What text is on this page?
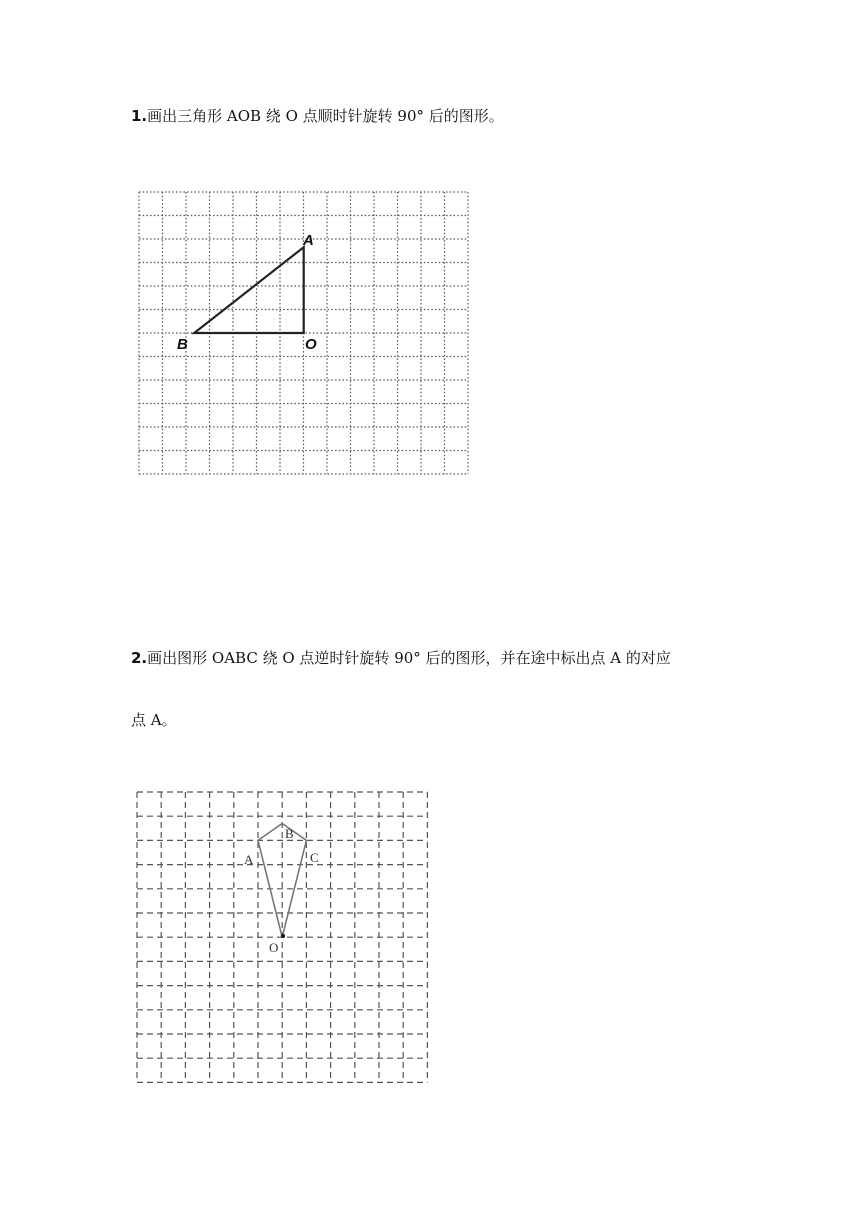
1.画出三角形 AOB 绕 O 点顺时针旋转 90° 后的图形。
A
O
B
2.画出图形 OABC 绕 O 点逆时针旋转 90° 后的图形，并在途中标出点 A 的对应
点 A。
A
B
C
O
